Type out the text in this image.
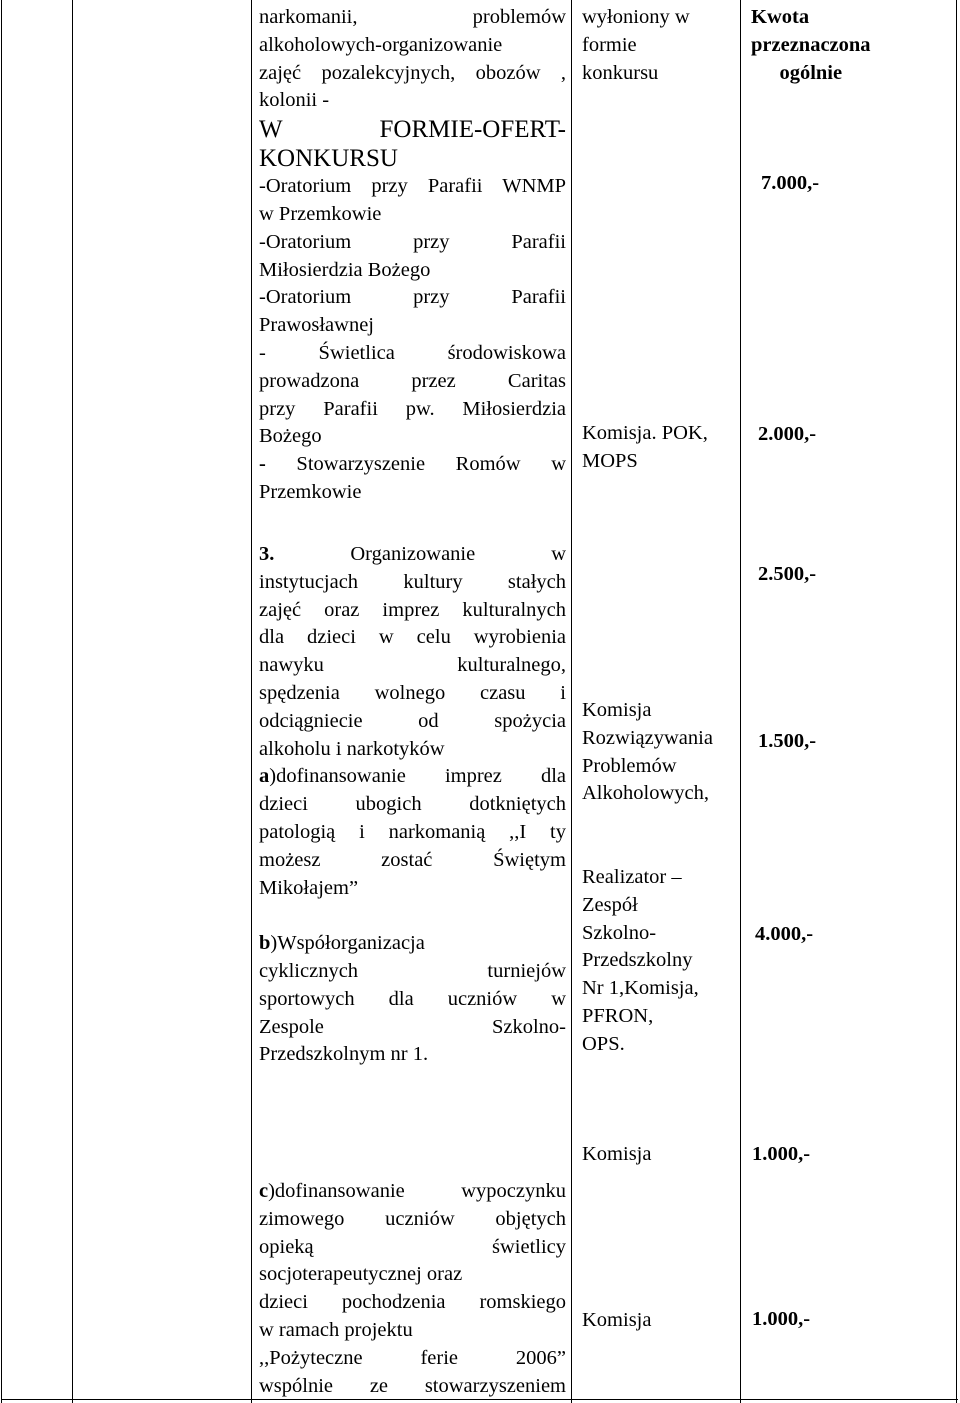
narkomanii, problemów
alkoholowych-organizowanie
zajęć pozalekcyjnych, obozów ,
kolonii -
W FORMIE-OFERT-
KONKURSU
-Oratorium przy Parafii WNMP
w Przemkowie
-Oratorium przy Parafii
Miłosierdzia Bożego
-Oratorium przy Parafii
Prawosławnej
- Świetlica środowiskowa
prowadzona przez Caritas
przy Parafii pw. Miłosierdzia
Bożego
- Stowarzyszenie Romów w
Przemkowie
wyłoniony w
formie
konkursu
Komisja. POK,
MOPS
Kwota
przeznaczona
ogólnie
7.000,-
2.000,-
3. Organizowanie w
instytucjach kultury stałych
zajęć oraz imprez kulturalnych
dla dzieci w celu wyrobienia
nawyku kulturalnego,
spędzenia wolnego czasu i
odciągniecie od spożycia
alkoholu i narkotyków
a)dofinansowanie imprez dla
dzieci ubogich dotkniętych
patologią i narkomanią ,,I ty
możesz zostać Świętym
Mikołajem”

b)Współorganizacja
cyklicznych turniejów
sportowych dla uczniów w
Zespole Szkolno-
Przedszkolnym nr 1.
Komisja
Rozwiązywania
Problemów
Alkoholowych,
Realizator –
Zespół
Szkolno-
Przedszkolny
Nr 1,Komisja,
PFRON,
OPS.
2.500,-
1.500,-
4.000,-
c)dofinansowanie wypoczynku
zimowego uczniów objętych
opieką świetlicy
socjoterapeutycznej oraz
dzieci pochodzenia romskiego
w ramach projektu
,,Pożyteczne ferie 2006”
wspólnie ze stowarzyszeniem
Komisja
Komisja
1.000,-
1.000,-
